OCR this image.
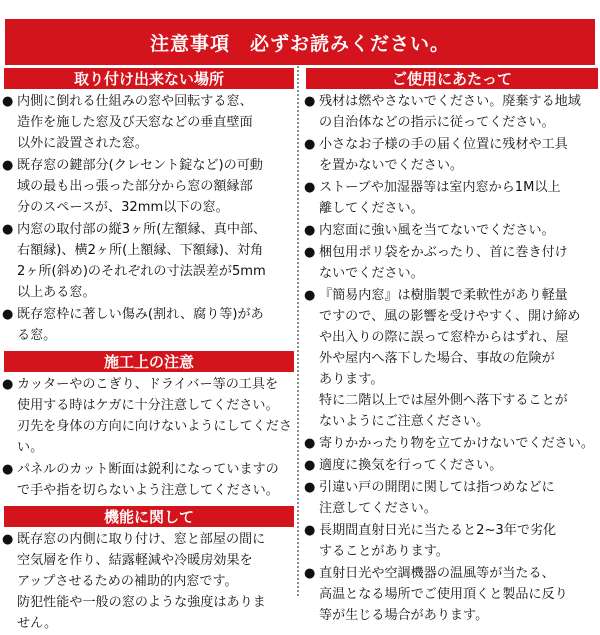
注意事項　必ずお読みください。
取り付け出来ない場所
● 内側に倒れる仕組みの窓や回転する窓、
造作を施した窓及び天窓などの垂直壁面
以外に設置された窓。
● 既存窓の鍵部分(クレセント錠など)の可動
域の最も出っ張った部分から窓の額縁部
分のスペースが、32mm以下の窓。
● 内窓の取付部の縦3ヶ所(左額縁、真中部、
右額縁)、横2ヶ所(上額縁、下額縁)、対角
2ヶ所(斜め)のそれぞれの寸法誤差が5mm
以上ある窓。
● 既存窓枠に著しい傷み(割れ、腐り等)があ
る窓。
施工上の注意
● カッターやのこぎり、ドライバー等の工具を
使用する時はケガに十分注意してください。
刃先を身体の方向に向けないようにしてくださ
い。
● パネルのカット断面は鋭利になっていますの
で手や指を切らないよう注意してください。
機能に関して
● 既存窓の内側に取り付け、窓と部屋の間に
空気層を作り、結露軽減や冷暖房効果を
アップさせるための補助的内窓です。
防犯性能や一般の窓のような強度はありま
せん。
ご使用にあたって
● 残材は燃やさないでください。廃棄する地域
の自治体などの指示に従ってください。
● 小さなお子様の手の届く位置に残材や工具
を置かないでください。
● ストーブや加湿器等は室内窓から1M以上
離してください。
● 内窓面に強い風を当てないでください。
● 梱包用ポリ袋をかぶったり、首に巻き付け
ないでください。
● 『簡易内窓』は樹脂製で柔軟性があり軽量
ですので、風の影響を受けやすく、開け締め
や出入りの際に誤って窓枠からはずれ、屋
外や屋内へ落下した場合、事故の危険が
あります。
特に二階以上では屋外側へ落下することが
ないようにご注意ください。
● 寄りかかったり物を立てかけないでください。
● 適度に換気を行ってください。
● 引違い戸の開閉に関しては指つめなどに
注意してください。
● 長期間直射日光に当たると2~3年で劣化
することがあります。
● 直射日光や空調機器の温風等が当たる、
高温となる場所でご使用頂くと製品に反り
等が生じる場合があります。
